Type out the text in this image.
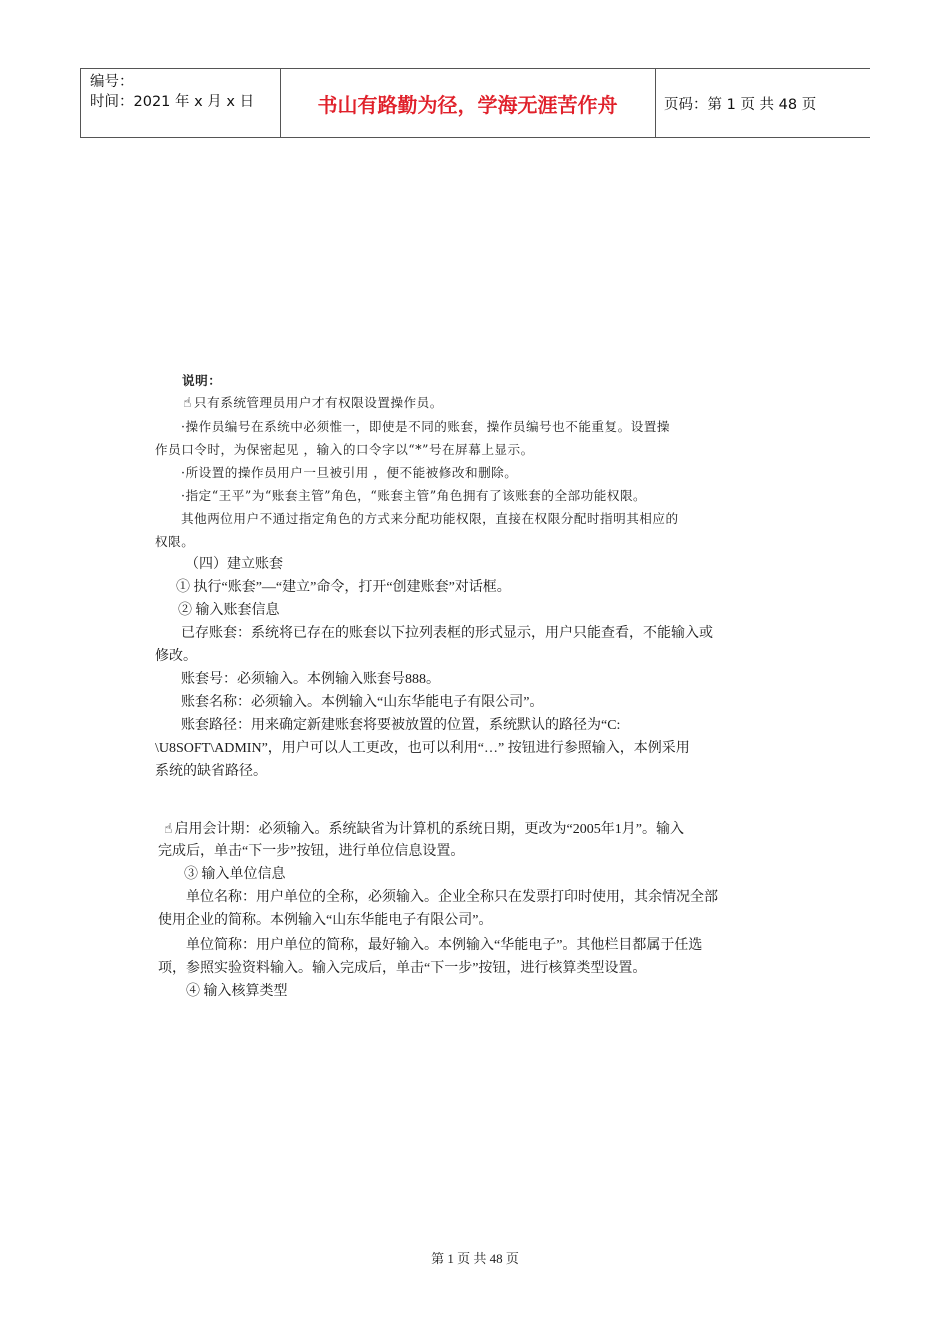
编号：
时间：2021 年 x 月 x 日	书山有路勤为径，学海无涯苦作舟	页码：第 1 页 共 48 页
说明：
☝ 只有系统管理员用户才有权限设置操作员。
·操作员编号在系统中必须惟一，即使是不同的账套，操作员编号也不能重复。设置操
作员口令时，为保密起见 ，输入的口令字以“*”号在屏幕上显示。
·所设置的操作员用户一旦被引用 ，便不能被修改和删除。
·指定“王平”为“账套主管”角色，“账套主管”角色拥有了该账套的全部功能权限。
其他两位用户不通过指定角色的方式来分配功能权限，直接在权限分配时指明其相应的
权限。
（四）建立账套
① 执行“账套”—“建立”命令，打开“创建账套”对话框。
② 输入账套信息
已存账套：系统将已存在的账套以下拉列表框的形式显示，用户只能查看，不能输入或
修改。
账套号：必须输入。本例输入账套号888。
账套名称：必须输入。本例输入“山东华能电子有限公司”。
账套路径：用来确定新建账套将要被放置的位置，系统默认的路径为“C:
\U8SOFT\ADMIN”，用户可以人工更改，也可以利用“…” 按钮进行参照输入，本例采用
系统的缺省路径。
☝ 启用会计期：必须输入。系统缺省为计算机的系统日期，更改为“2005年1月”。输入
完成后，单击“下一步”按钮，进行单位信息设置。
③ 输入单位信息
单位名称：用户单位的全称，必须输入。企业全称只在发票打印时使用，其余情况全部
使用企业的简称。本例输入“山东华能电子有限公司”。
单位简称：用户单位的简称，最好输入。本例输入“华能电子”。其他栏目都属于任选
项，参照实验资料输入。输入完成后，单击“下一步”按钮，进行核算类型设置。
④ 输入核算类型
第 1 页 共 48 页
